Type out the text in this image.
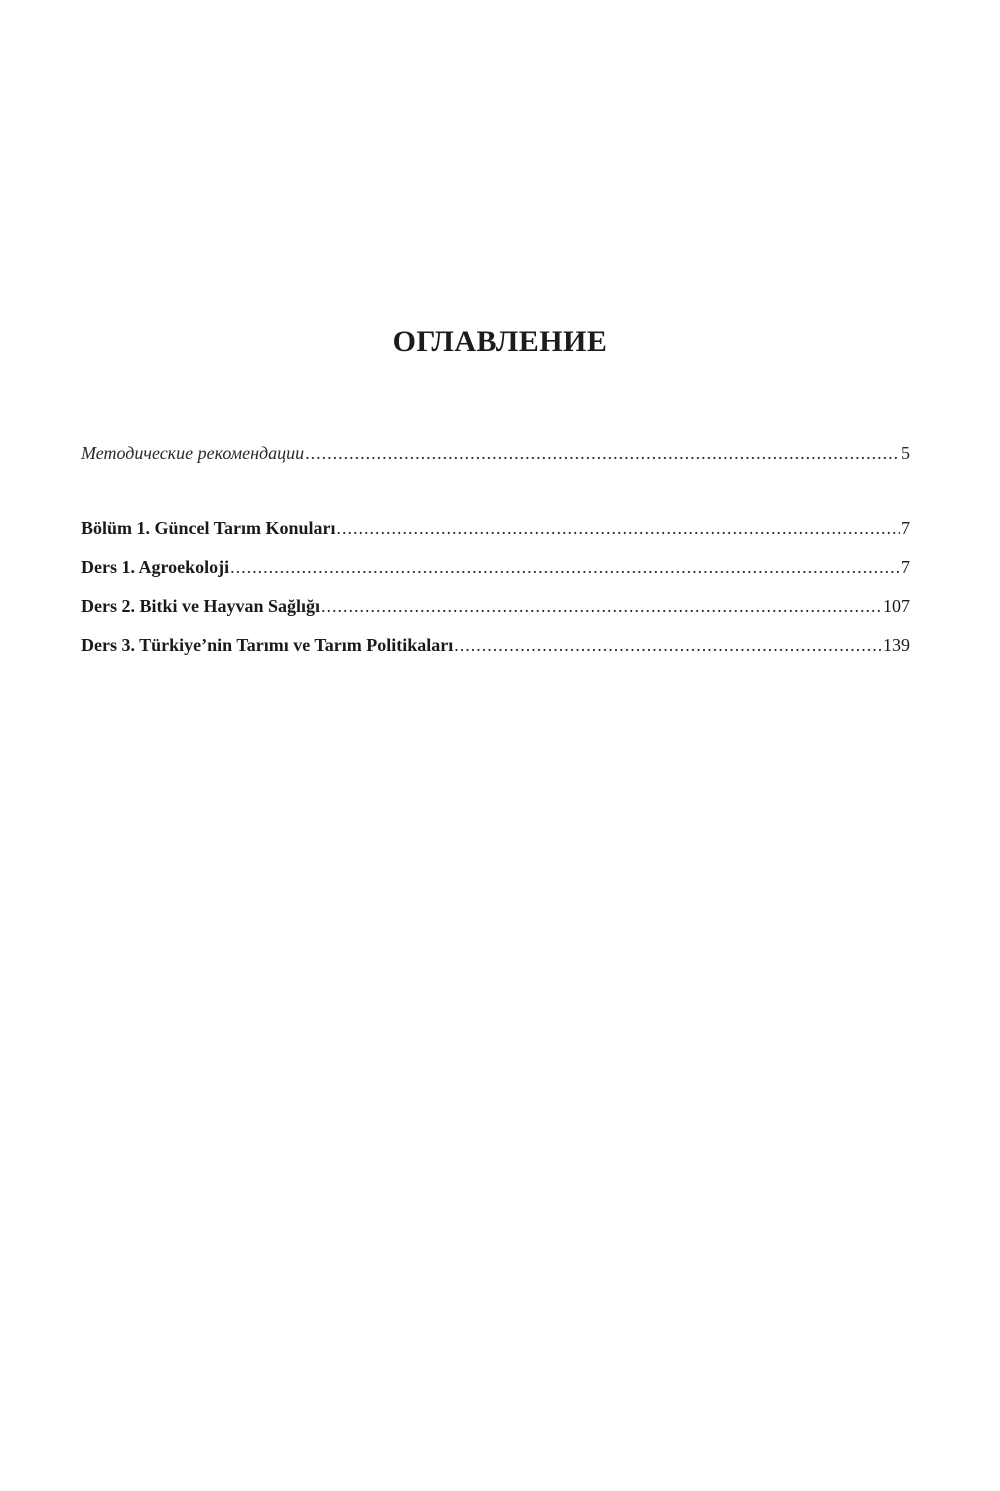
ОГЛАВЛЕНИЕ
Методические рекомендации .....	5
Bölüm 1. Güncel Tarım Konuları .....	7
Ders 1. Agroekoloji .....	7
Ders 2. Bitki ve Hayvan Sağlığı .....	107
Ders 3. Türkiye’nin Tarımı ve Tarım Politikaları .....	139
